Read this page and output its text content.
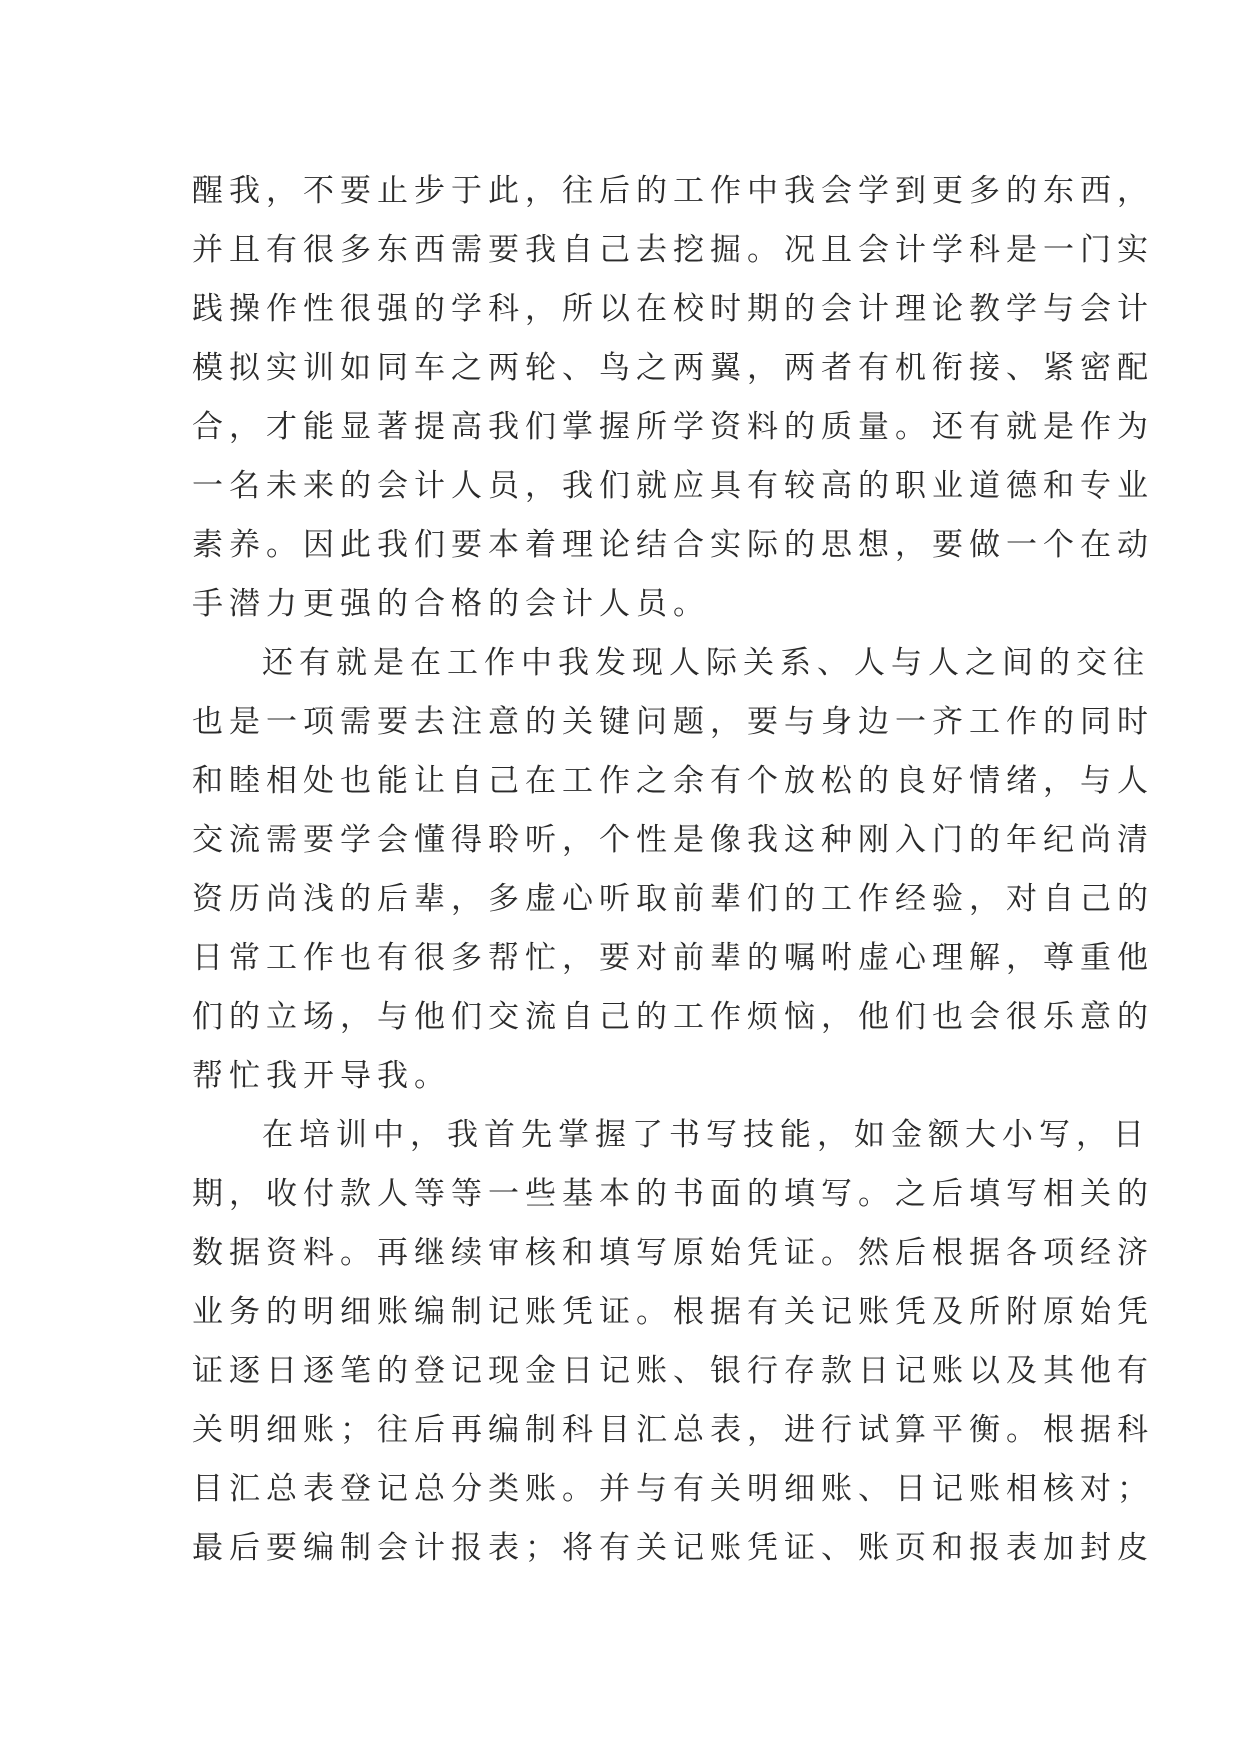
醒我，不要止步于此，往后的工作中我会学到更多的东西，
并且有很多东西需要我自己去挖掘。况且会计学科是一门实
践操作性很强的学科，所以在校时期的会计理论教学与会计
模拟实训如同车之两轮、鸟之两翼，两者有机衔接、紧密配
合，才能显著提高我们掌握所学资料的质量。还有就是作为
一名未来的会计人员，我们就应具有较高的职业道德和专业
素养。因此我们要本着理论结合实际的思想，要做一个在动
手潜力更强的合格的会计人员。
还有就是在工作中我发现人际关系、人与人之间的交往
也是一项需要去注意的关键问题，要与身边一齐工作的同时
和睦相处也能让自己在工作之余有个放松的良好情绪，与人
交流需要学会懂得聆听，个性是像我这种刚入门的年纪尚清
资历尚浅的后辈，多虚心听取前辈们的工作经验，对自己的
日常工作也有很多帮忙，要对前辈的嘱咐虚心理解，尊重他
们的立场，与他们交流自己的工作烦恼，他们也会很乐意的
帮忙我开导我。
在培训中，我首先掌握了书写技能，如金额大小写，日
期，收付款人等等一些基本的书面的填写。之后填写相关的
数据资料。再继续审核和填写原始凭证。然后根据各项经济
业务的明细账编制记账凭证。根据有关记账凭及所附原始凭
证逐日逐笔的登记现金日记账、银行存款日记账以及其他有
关明细账；往后再编制科目汇总表，进行试算平衡。根据科
目汇总表登记总分类账。并与有关明细账、日记账相核对；
最后要编制会计报表；将有关记账凭证、账页和报表加封皮
